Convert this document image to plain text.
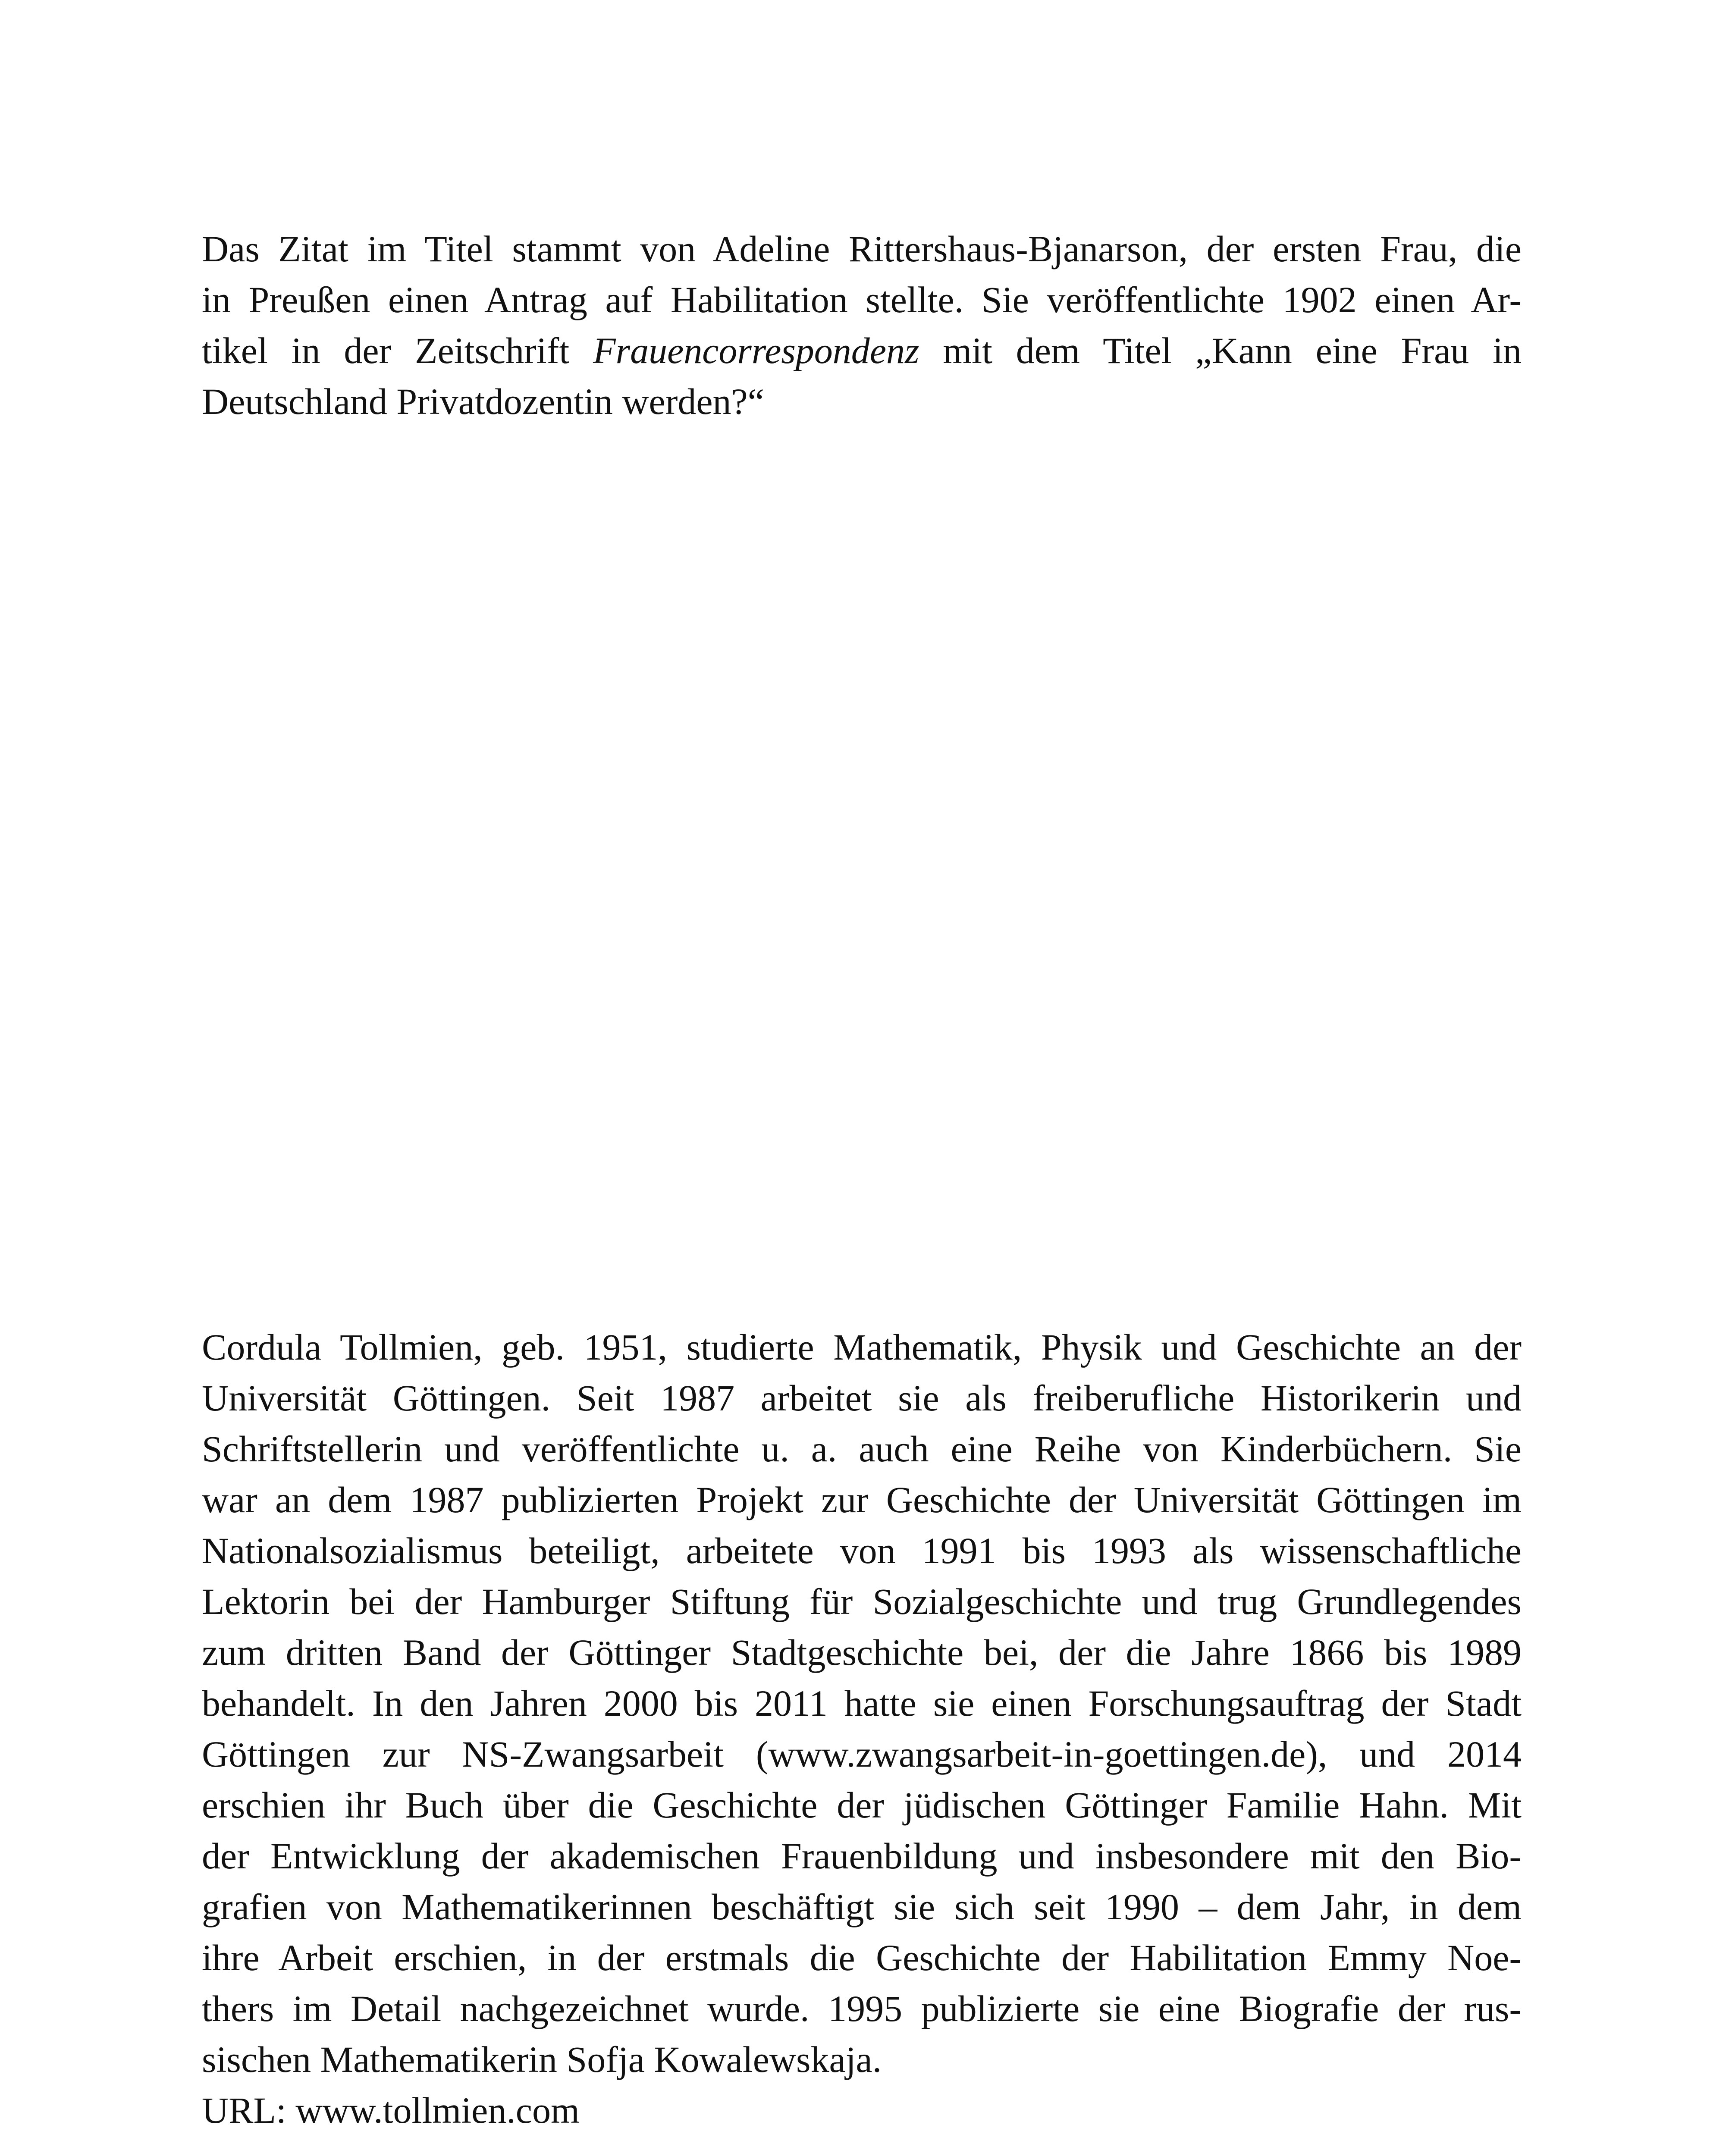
Das Zitat im Titel stammt von Adeline Rittershaus-Bjanarson, der ersten Frau, die
in Preußen einen Antrag auf Habilitation stellte. Sie veröffentlichte 1902 einen Ar-
tikel in der Zeitschrift Frauencorrespondenz mit dem Titel „Kann eine Frau in
Deutschland Privatdozentin werden?“
Cordula Tollmien, geb. 1951, studierte Mathematik, Physik und Geschichte an der
Universität Göttingen. Seit 1987 arbeitet sie als freiberufliche Historikerin und
Schriftstellerin und veröffentlichte u. a. auch eine Reihe von Kinderbüchern. Sie
war an dem 1987 publizierten Projekt zur Geschichte der Universität Göttingen im
Nationalsozialismus beteiligt, arbeitete von 1991 bis 1993 als wissenschaftliche
Lektorin bei der Hamburger Stiftung für Sozialgeschichte und trug Grundlegendes
zum dritten Band der Göttinger Stadtgeschichte bei, der die Jahre 1866 bis 1989
behandelt. In den Jahren 2000 bis 2011 hatte sie einen Forschungsauftrag der Stadt
Göttingen zur NS-Zwangsarbeit (www.zwangsarbeit-in-goettingen.de), und 2014
erschien ihr Buch über die Geschichte der jüdischen Göttinger Familie Hahn. Mit
der Entwicklung der akademischen Frauenbildung und insbesondere mit den Bio-
grafien von Mathematikerinnen beschäftigt sie sich seit 1990 – dem Jahr, in dem
ihre Arbeit erschien, in der erstmals die Geschichte der Habilitation Emmy Noe-
thers im Detail nachgezeichnet wurde. 1995 publizierte sie eine Biografie der rus-
sischen Mathematikerin Sofja Kowalewskaja.
URL: www.tollmien.com
